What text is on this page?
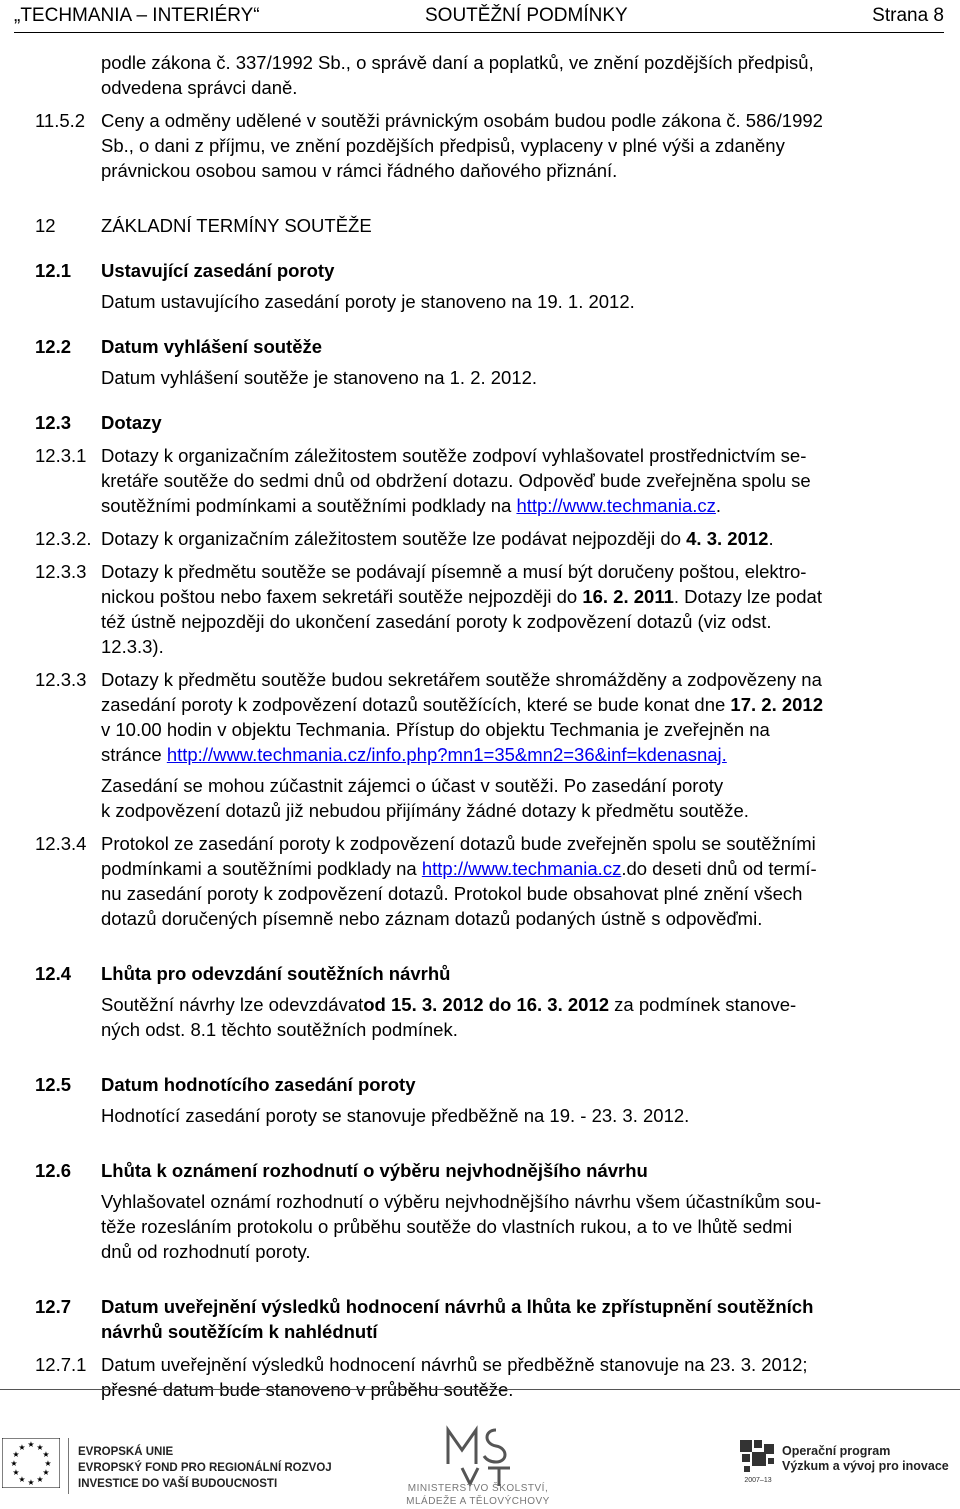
„TECHMANIA – INTERIÉRY“	SOUTĚŽNÍ PODMÍNKY	Strana 8

podle zákona č. 337/1992 Sb., o správě daní a poplatků, ve znění pozdějších předpisů,
odvedena správci daně.

11.5.2 Ceny a odměny udělené v soutěži právnickým osobám budou podle zákona č. 586/1992
Sb., o dani z příjmu, ve znění pozdějších předpisů, vyplaceny v plné výši a zdaněny
právnickou osobou samou v rámci řádného daňového přiznání.

12 ZÁKLADNÍ TERMÍNY SOUTĚŽE

12.1 Ustavující zasedání poroty
Datum ustavujícího zasedání poroty je stanoveno na 19. 1. 2012.

12.2 Datum vyhlášení soutěže
Datum vyhlášení soutěže je stanoveno na 1. 2. 2012.

12.3 Dotazy

12.3.1 Dotazy k organizačním záležitostem soutěže zodpoví vyhlašovatel prostřednictvím se-
kretáře soutěže do sedmi dnů od obdržení dotazu. Odpověď bude zveřejněna spolu se
soutěžními podmínkami a soutěžními podklady na http://www.techmania.cz.

12.3.2. Dotazy k organizačním záležitostem soutěže lze podávat nejpozději do 4. 3. 2012.

12.3.3 Dotazy k předmětu soutěže se podávají písemně a musí být doručeny poštou, elektro-
nickou poštou nebo faxem sekretáři soutěže nejpozději do 16. 2. 2011. Dotazy lze podat
též ústně nejpozději do ukončení zasedání poroty k zodpovězení dotazů (viz odst.
12.3.3).

12.3.3 Dotazy k předmětu soutěže budou sekretářem soutěže shromážděny a zodpovězeny na
zasedání poroty k zodpovězení dotazů soutěžících, které se bude konat dne 17. 2. 2012
v 10.00 hodin v objektu Techmania. Přístup do objektu Techmania je zveřejněn na
stránce http://www.techmania.cz/info.php?mn1=35&mn2=36&inf=kdenasnaj.
Zasedání se mohou zúčastnit zájemci o účast v soutěži. Po zasedání poroty
k zodpovězení dotazů již nebudou přijímány žádné dotazy k předmětu soutěže.

12.3.4 Protokol ze zasedání poroty k zodpovězení dotazů bude zveřejněn spolu se soutěžními
podmínkami a soutěžními podklady na http://www.techmania.cz.do deseti dnů od termí-
nu zasedání poroty k zodpovězení dotazů. Protokol bude obsahovat plné znění všech
dotazů doručených písemně nebo záznam dotazů podaných ústně s odpověďmi.

12.4 Lhůta pro odevzdání soutěžních návrhů
Soutěžní návrhy lze odevzdávatod 15. 3. 2012 do 16. 3. 2012 za podmínek stanove-
ných odst. 8.1 těchto soutěžních podmínek.

12.5 Datum hodnotícího zasedání poroty
Hodnotící zasedání poroty se stanovuje předběžně na 19. - 23. 3. 2012.

12.6 Lhůta k oznámení rozhodnutí o výběru nejvhodnějšího návrhu
Vyhlašovatel oznámí rozhodnutí o výběru nejvhodnějšího návrhu všem účastníkům sou-
těže rozesláním protokolu o průběhu soutěže do vlastních rukou, a to ve lhůtě sedmi
dnů od rozhodnutí poroty.

12.7 Datum uveřejnění výsledků hodnocení návrhů a lhůta ke zpřístupnění soutěžních
návrhů soutěžícím k nahlédnutí

12.7.1 Datum uveřejnění výsledků hodnocení návrhů se předběžně stanovuje na 23. 3. 2012;
přesné datum bude stanoveno v průběhu soutěže.

★ ★
★
★
★
★
★
★
★
★
★
★	EVROPSKÁ UNIE
EVROPSKÝ FOND PRO REGIONÁLNÍ ROZVOJ
INVESTICE DO VAŠÍ BUDOUCNOSTI	MINISTERSTVO ŠKOLSTVÍ,
MLÁDEŽE A TĚLOVÝCHOVY
2007–13
Operační program
Výzkum a vývoj pro inovace
